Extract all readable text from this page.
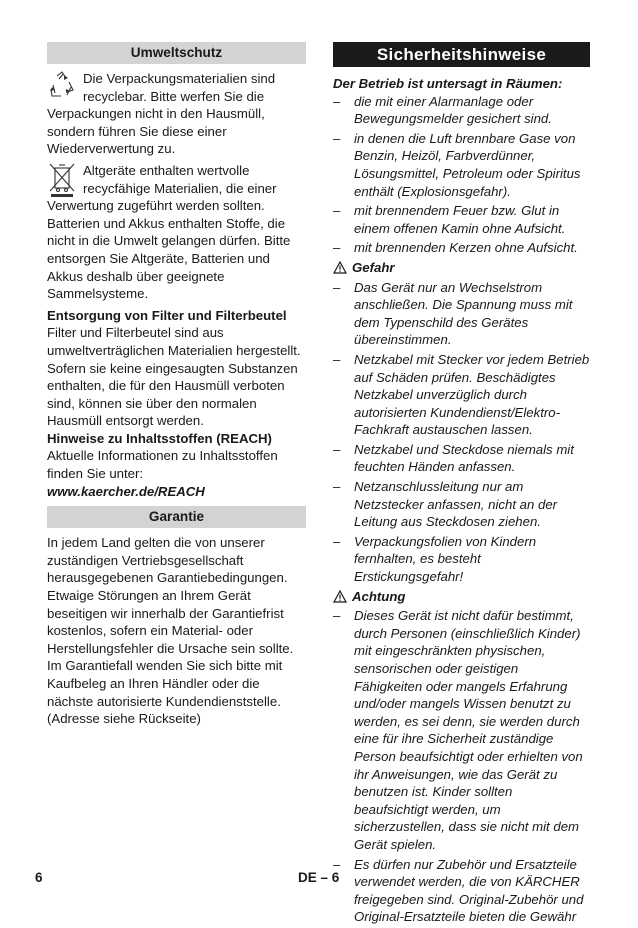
Umweltschutz

Die Verpackungsmaterialien sind recyclebar. Bitte werfen Sie die Verpackungen nicht in den Hausmüll, sondern führen Sie diese einer Wiederverwertung zu.

Altgeräte enthalten wertvolle recycfähige Materialien, die einer Verwertung zugeführt werden sollten. Batterien und Akkus enthalten Stoffe, die nicht in die Umwelt gelangen dürfen. Bitte entsorgen Sie Altgeräte, Batterien und Akkus deshalb über geeignete Sammelsysteme.

Entsorgung von Filter und Filterbeutel

Filter und Filterbeutel sind aus umweltverträglichen Materialien hergestellt.

Sofern sie keine eingesaugten Substanzen enthalten, die für den Hausmüll verboten sind, können sie über den normalen Hausmüll entsorgt werden.

Hinweise zu Inhaltsstoffen (REACH)

Aktuelle Informationen zu Inhaltsstoffen finden Sie unter:

www.kaercher.de/REACH

Garantie

In jedem Land gelten die von unserer zuständigen Vertriebsgesellschaft herausgegebenen Garantiebedingungen. Etwaige Störungen an Ihrem Gerät beseitigen wir innerhalb der Garantiefrist kostenlos, sofern ein Material- oder Herstellungsfehler die Ursache sein sollte. Im Garantiefall wenden Sie sich bitte mit Kaufbeleg an Ihren Händler oder die nächste autorisierte Kundendienststelle.

(Adresse siehe Rückseite)

Sicherheitshinweise

Der Betrieb ist untersagt in Räumen:

– die mit einer Alarmanlage oder Bewegungsmelder gesichert sind.
– in denen die Luft brennbare Gase von Benzin, Heizöl, Farbverdünner, Lösungsmittel, Petroleum oder Spiritus enthält (Explosionsgefahr).
– mit brennendem Feuer bzw. Glut in einem offenen Kamin ohne Aufsicht.
– mit brennenden Kerzen ohne Aufsicht.
Gefahr
– Das Gerät nur an Wechselstrom anschließen. Die Spannung muss mit dem Typenschild des Gerätes übereinstimmen.
– Netzkabel mit Stecker vor jedem Betrieb auf Schäden prüfen. Beschädigtes Netzkabel unverzüglich durch autorisierten Kundendienst/Elektro-Fachkraft austauschen lassen.
– Netzkabel und Steckdose niemals mit feuchten Händen anfassen.
– Netzanschlussleitung nur am Netzstecker anfassen, nicht an der Leitung aus Steckdosen ziehen.
– Verpackungsfolien von Kindern fernhalten, es besteht Erstickungsgefahr!
Achtung
– Dieses Gerät ist nicht dafür bestimmt, durch Personen (einschließlich Kinder) mit eingeschränkten physischen, sensorischen oder geistigen Fähigkeiten oder mangels Erfahrung und/oder mangels Wissen benutzt zu werden, es sei denn, sie werden durch eine für ihre Sicherheit zuständige Person beaufsichtigt oder erhielten von ihr Anweisungen, wie das Gerät zu benutzen ist. Kinder sollten beaufsichtigt werden, um sicherzustellen, dass sie nicht mit dem Gerät spielen.
– Es dürfen nur Zubehör und Ersatzteile verwendet werden, die von KÄRCHER freigegeben sind. Original-Zubehör und Original-Ersatzteile bieten die Gewähr
6	DE – 6
